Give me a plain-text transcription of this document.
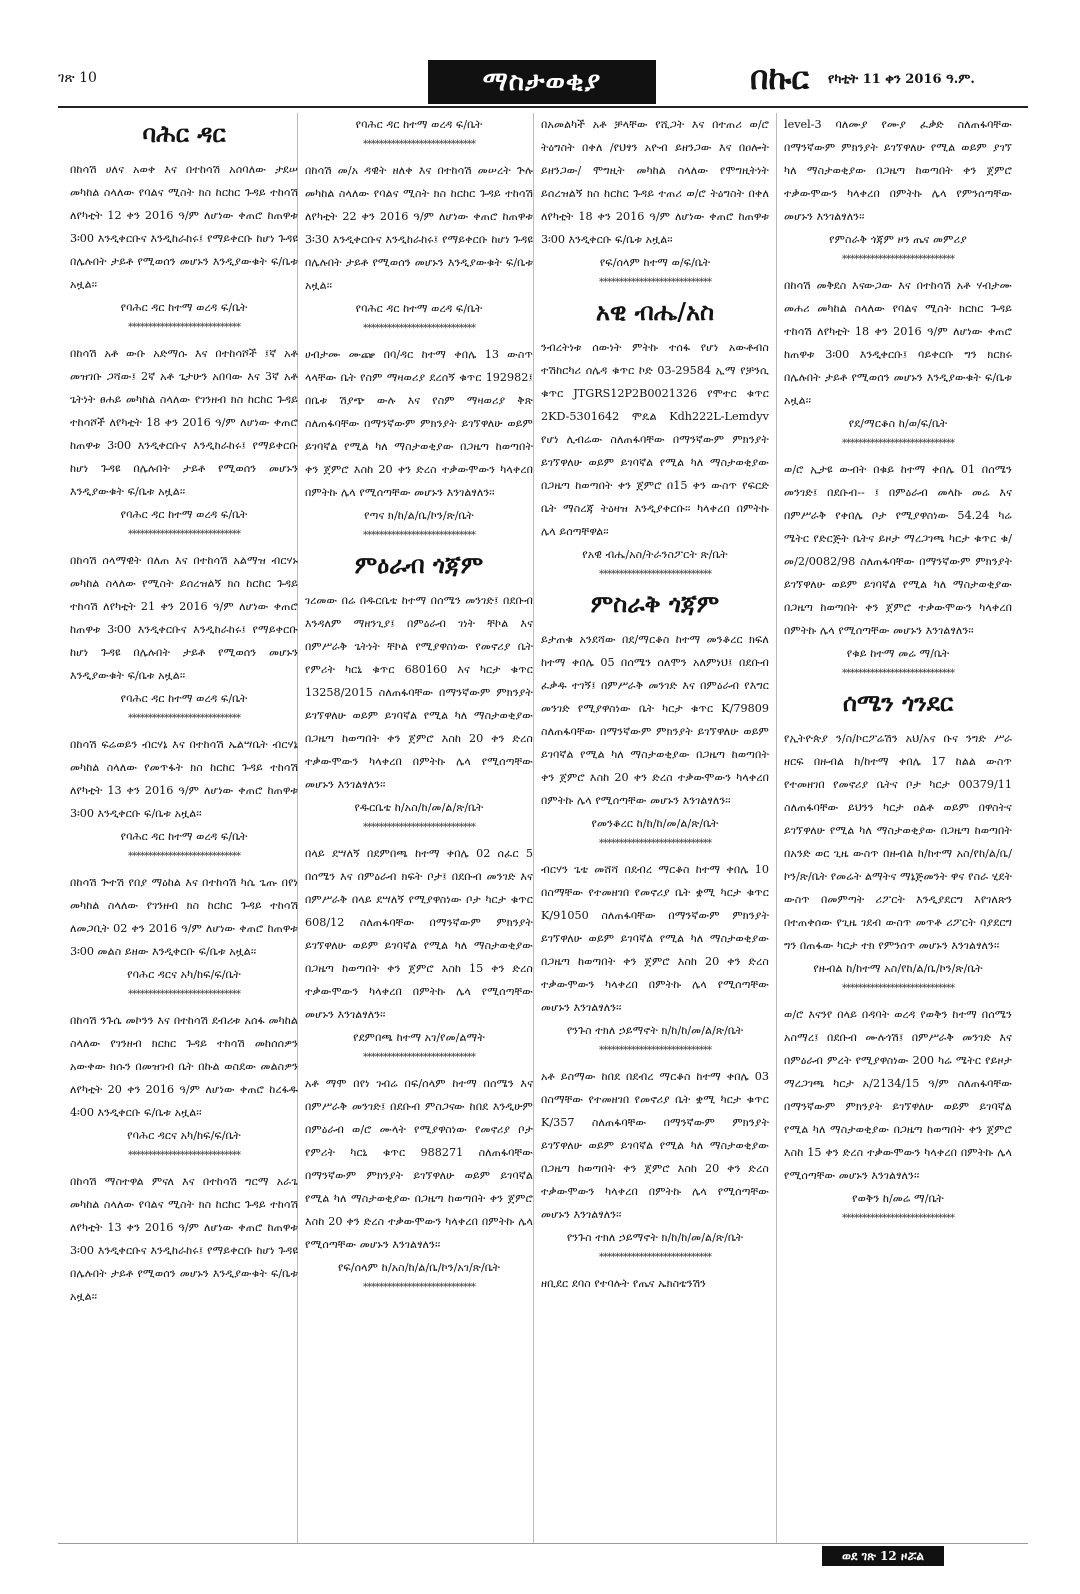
ገጽ 10	ማስታወቂያ	በኩር የካቲት 11 ቀን 2016 ዓ.ም.
ባሕር ዳር

በከሳሽ ሀለና አወቀ እና በተከሳሽ አሰባለው ታደሠ መካከል ስላለው የባልና ሚስት ክስ ከርከር ጉዳይ ተከሳሽ ለየካቲት 12 ቀን 2016 ዓ/ም ለሆነው ቀጠሮ ከጠዋቱ 3፡00 እንዲቀርቡና እንዲከራከሩ፤ የማይቀርቡ ከሆነ ጉዳዩ በሌሉበት ታይቶ የሚወሰን መሆኑን እንዲያውቁት ፍ/ቤቱ አዟል፡፡

የባሕር ዳር ከተማ ወረዳ ፍ/ቤት

****************************

በከሳሽ አቶ ውቡ አድማሱ እና በተከሳሾች ፤ኛ አቶ መዝገቡ ጋሻው፤ 2ኛ አቶ ጌታሁን አበባው እና 3ኛ አቶ ጌትነት ፀሐይ መካከል ስላለው የገንዘብ ክስ ከርከር ጉዳይ ተከሳሾች ለየካቲት 18 ቀን 2016 ዓ/ም ለሆነው ቀጠሮ ከጠዋቱ 3፡00 እንዲቀርቡና እንዲከራከሩ፤ የማይቀርቡ ከሆነ ጉዳዩ በሌሉበት ታይቶ የሚወሰን መሆኑን እንዲያውቁት ፍ/ቤቱ አዟል፡፡

የባሕር ዳር ከተማ ወረዳ ፍ/ቤት

****************************

በከሳሽ ሰላማዊት በለጠ እና በተከሳሽ አልማዝ ብርሃኑ መካከል ስላለው የሚስት ይሰረዝልኝ ክስ ከርከር ጉዳይ ተከሳሽ ለየካቲት 21 ቀን 2016 ዓ/ም ለሆነው ቀጠሮ ከጠዋቱ 3፡00 እንዲቀርቡና እንዲከራከሩ፤ የማይቀርቡ ከሆነ ጉዳዩ በሌሉበት ታይቶ የሚወሰን መሆኑን እንዲያውቁት ፍ/ቤቱ አዟል፡፡

የባሕር ዳር ከተማ ወረዳ ፍ/ቤት

****************************

በከሳሽ ፍሬወይን ብርሃኔ እና በተከሳሽ ኤልሣቤት ብርሃኔ መካከል ስላለው የመጥፋት ክስ ከርከር ጉዳይ ተከሳሽ ለየካቲት 13 ቀን 2016 ዓ/ም ለሆነው ቀጠሮ ከጠዋቱ 3፡00 እንዲቀርቡ ፍ/ቤቱ አዟል፡፡

የባሕር ዳር ከተማ ወረዳ ፍ/ቤት

****************************

በከሳሽ ጕተሽ የበያ ማዕከል እና በተከሳሽ ካሴ ጌጡ በየነ መካከል ስላለው የገንዘብ ክስ ከርከር ጉዳይ ተከሳሽ ለመጋቢት 02 ቀን 2016 ዓ/ም ለሆነው ቀጠሮ ከጠዋቱ 3፡00 መልስ ይዘው እንዲቀርቡ ፍ/ቤቱ አዟል፡፡

የባሕር ዳርና አካ/ከፍ/ፍ/ቤት

****************************

በከሳሽ ንጉሴ መኮንን እና በተከሳሽ ደብሪቱ አሰፋ መካከል ስላለው የገንዘብ ክርክር ጉዳይ ተከሳሽ መከሰሰዎን አውቀው ክሱን በመዝገብ ቤት በኩል ወስደው መልስዎን ለየካቲት 20 ቀን 2016 ዓ/ም ለሆነው ቀጠሮ ከረፋዱ 4፡00 እንዲቀርቡ ፍ/ቤቱ አዟል፡፡

የባሕር ዳርና አካ/ከፍ/ፍ/ቤት

****************************

በከሳሽ ማስተዋል ምናለ እና በተከሳሽ ግርማ አራጌ መካከል ስላለው የባልና ሚስት ክስ ከርከር ጉዳይ ተከሳሽ ለየካቲት 13 ቀን 2016 ዓ/ም ለሆነው ቀጠሮ ከጠዋቱ 3፡00 እንዲቀርቡና እንዲከራከሩ፤ የማይቀርቡ ከሆነ ጉዳዩ በሌሉበት ታይቶ የሚወሰን መሆኑን እንዲያውቁት ፍ/ቤቱ አዟል፡፡

የባሕር ዳር ከተማ ወረዳ ፍ/ቤት

****************************

በከሳሽ መ/አ ዳዊት ዘለቀ እና በተከሳሽ መሠረት ጕሉ መካከል ስላለው የባልና ሚስት ክስ ከርከር ጉዳይ ተከሳሽ ለየካቲት 22 ቀን 2016 ዓ/ም ለሆነው ቀጠሮ ከጠዋቱ 3፡30 እንዲቀርቡና እንዲከራከሩ፤ የማይቀርቡ ከሆነ ጉዳዩ በሌሉበት ታይቶ የሚወሰን መሆኑን እንዲያውቁት ፍ/ቤቱ አዟል፡፡

የባሕር ዳር ከተማ ወረዳ ፍ/ቤት

****************************

ሀብታሙ ሙጬ በባ/ዳር ከተማ ቀበሌ 13 ውስጥ ላላቸው ቤት የስም ማዛወሪያ ደረሰኝ ቁጥር 192982፤ በቤቱ ሽያጭ ውሉ እና የስም ማዛወሪያ ቅጽ ስለጠፋባቸው በማንኛውም ምክንያት ይገኘዋለሁ ወይም ይገባኛል የሚል ካለ ማስታወቂያው በጋዜጣ ከወጣበት ቀን ጀምሮ እስከ 20 ቀን ድረስ ተቃውሞውን ካላቀረበ በምትኩ ሌላ የሚሰጣቸው መሆኑን እንገልፃለን፡፡

የጣና ክ/ከ/ል/ቤ/ኮን/ጽ/ቤት

****************************

ምዕራብ ጎጃም

ገረመው በሬ በዱርቤቴ ከተማ በሰሜን መንገድ፤ በደቡብ እንዳለም ማዘንጊያ፤ በምዕራብ ገነት ቸኮል እና በምሥራቅ ጌትነት ቸኮል የሚያዋስነው የመኖሪያ ቤት የምሪት ካርኒ ቁጥር 680160 እና ካርታ ቁጥር 13258/2015 ስለጠፋባቸው በማንኛውም ምክንያት ይገኘዋለሁ ወይም ይገባኛል የሚል ካለ ማስታወቂያው በጋዜጣ ከወጣበት ቀን ጀምሮ እስከ 20 ቀን ድረስ ተቃውሞውን ካላቀረበ በምትኩ ሌላ የሚሰጣቸው መሆኑን እንገልፃለን፡፡

የዱርቤቴ ከ/አስ/ከ/መ/ል/ጽ/ቤት

****************************

በላይ ደሣለኝ በደምበጫ ከተማ ቀበሌ 02 ሰፈር 5 በሰሜን እና በምዕራብ ክፍት ቦታ፤ በደቡብ መንገድ እና በምሥራቅ በላይ ደሣለኝ የሚያዋስነው ቦታ ካርታ ቁጥር 608/12 ስለጠፋባቸው በማንኛውም ምክንያት ይገኘዋለሁ ወይም ይገባኛል የሚል ካለ ማስታወቂያው በጋዜጣ ከወጣበት ቀን ጀምሮ እስከ 15 ቀን ድረስ ተቃውሞውን ካላቀረበ በምትኩ ሌላ የሚሰጣቸው መሆኑን እንገልፃለን፡፡

የደምበጫ ከተማ አገ/የመ/ልማት

****************************

አቶ ማሞ በየነ ገብሬ በፍ/ሰላም ከተማ በሰሜን እና በምሥራቅ መንገድ፤ በደቡብ ምስጋናው ከበደ እንዲሁም በምዕራብ ወ/ሮ ሙላት የሚያዋስነው የመኖሪያ ቦታ የምሪት ካርኒ ቁጥር 988271 ስለጠፋባቸው በማንኛውም ምክንያት ይገኘዋለሁ ወይም ይገባኛል የሚል ካለ ማስታወቂያው በጋዜጣ ከወጣበት ቀን ጀምሮ እስከ 20 ቀን ድረስ ተቃውሞውን ካላቀረበ በምትኩ ሌላ የሚሰጣቸው መሆኑን እንገልፃለን፡፡

የፍ/ሰላም ከ/አስ/ከ/ል/ቤ/ኮን/አገ/ጽ/ቤት

****************************

በአመልካች አቶ ቻላቸው የሺጋት እና በተጠሪ ወ/ሮ ትዕግስት በቀለ /የህፃን አዮብ ይዘንጋው እና በዐሎት ይዘንጋው/ ሞግዚት መካከል ስላለው የሞግዚትነት ይሰረዝልኝ ክስ ከርከር ጉዳይ ተጠሪ ወ/ሮ ትዕግስት በቀለ ለየካቲት 18 ቀን 2016 ዓ/ም ለሆነው ቀጠሮ ከጠዋቱ 3፡00 እንዲቀርቡ ፍ/ቤቱ አዟል፡፡

የፍ/ሰላም ከተማ ወ/ፍ/ቤት

****************************

አዊ ብሔ/አስ

ንብረትነቱ ሰውነት ምትኩ ተሰፋ የሆነ አውቶብስ ተሽከርካሪ ሰሌዳ ቁጥር ኮድ 03-29584 ኢማ የቻንሲ ቁጥር JTGRS12P2B0021326 የሞተር ቁጥር 2KD-5301642 ሞዴል Kdh222L-Lemdyv የሆነ ሊብሬው ስለጠፋባቸው በማንኛውም ምክንያት ይገኘዋለሁ ወይም ይገባኛል የሚል ካለ ማስታወቂያው በጋዜጣ ከወጣበት ቀን ጀምሮ በ15 ቀን ውስጥ የፍርድ ቤት ማስረጃ ትዕዛዝ እንዲያቀርቡ፡፡ ካላቀረበ በምትኩ ሌላ ይሰጣቸዋል፡፡

የአዊ ብሔ/አስ/ትራንስፖርት ጽ/ቤት

****************************

ምስራቅ ጎጃም

ይታጠቁ አንደሻው በደ/ማርቆስ ከተማ መንቆረር ክፍለ ከተማ ቀበሌ 05 በሰሜን ሰለሞን አለምነህ፤ በደቡብ ፈቃዱ ተገኝ፤ በምሥራቅ መንገድ እና በምዕራብ የእግር መንገድ የሚያዋስነው ቤት ካርታ ቁጥር K/79809 ስለጠፋባቸው በማንኛውም ምክንያት ይገኘዋለሁ ወይም ይገባኛል የሚል ካለ ማስታወቂያው በጋዜጣ ከወጣበት ቀን ጀምሮ እስከ 20 ቀን ድረስ ተቃውሞውን ካላቀረበ በምትኩ ሌላ የሚሰጣቸው መሆኑን እንገልፃለን፡፡

የመንቆረር ከ/ከ/ከ/መ/ል/ጽ/ቤት

****************************

ብርሃን ጌቴ መሸሻ በደብረ ማርቆስ ከተማ ቀበሌ 10 በስማቸው የተመዘገበ የመኖሪያ ቤት ቋሚ ካርታ ቁጥር K/91050 ስለጠፋባቸው በማንኛውም ምክንያት ይገኘዋለሁ ወይም ይገባኛል የሚል ካለ ማስታወቂያው በጋዜጣ ከወጣበት ቀን ጀምሮ እስከ 20 ቀን ድረስ ተቃውሞውን ካላቀረበ በምትኩ ሌላ የሚሰጣቸው መሆኑን እንገልፃለን፡፡

የንጉስ ተክለ ኃይማኖት ክ/ከ/ከ/መ/ል/ጽ/ቤት

****************************

አቶ ይስማው ከበደ በደብረ ማርቆስ ከተማ ቀበሌ 03 በስማቸው የተመዘገበ የመኖሪያ ቤት ቋሚ ካርታ ቁጥር K/357 ስለጠፋባቸው በማንኛውም ምክንያት ይገኘዋለሁ ወይም ይገባኛል የሚል ካለ ማስታወቂያው በጋዜጣ ከወጣበት ቀን ጀምሮ እስከ 20 ቀን ድረስ ተቃውሞውን ካላቀረበ በምትኩ ሌላ የሚሰጣቸው መሆኑን እንገልፃለን፡፡

የንጉስ ተክለ ኃይማኖት ክ/ከ/ከ/መ/ል/ጽ/ቤት

****************************

ዘቢደር ደባስ የተባሉት የጤና ኤክስቴንሽን

level-3 ባለሙያ የሙያ ፈቃድ ስለጠፋባቸው በማንኛውም ምክንያት ይገኘዋለሁ የሚል ወይም ያገኘ ካለ ማስታወቂያው በጋዜጣ ከወጣበት ቀን ጀምሮ ተቃውሞውን ካላቀረበ በምትኩ ሌላ የምንሰጣቸው መሆኑን እንገልፃለን፡፡

የምስራቅ ጎጃም ዞን ጤና መምሪያ

****************************

በከሳሽ መቅደስ እናውጋው እና በተከሳሽ አቶ ሃብታሙ መሐሪ መካከል ስላለው የባልና ሚስት ክርክር ጉዳይ ተከሳሽ ለየካቲት 18 ቀን 2016 ዓ/ም ለሆነው ቀጠሮ ከጠዋቱ 3፡00 እንዲቀርቡ፤ ባይቀርቡ ግን ክርክሩ በሌሉበት ታይቶ የሚወሰን መሆኑን እንዲያውቁት ፍ/ቤቱ አዟል፡፡

የደ/ማርቆስ ከ/ወ/ፍ/ቤት

****************************

ወ/ሮ ኢታዩ ውብት በቁይ ከተማ ቀበሌ 01 በሰሜን መንገድ፤ በደቡብ-- ፤ በምዕራብ መላኩ መሬ እና በምሥራቅ የቀበሌ ቦታ የሚያዋስነው 54.24 ካሬ ሜትር የድርጅት ቤትና ይዞታ ማረጋገጫ ካርታ ቁጥር ቁ/መ/2/0082/98 ስለጠፋባቸው በማንኛውም ምክንያት ይገኘዋለሁ ወይም ይገባኛል የሚል ካለ ማስታወቂያው በጋዜጣ ከወጣበት ቀን ጀምሮ ተቃውሞውን ካላቀረበ በምትኩ ሌላ የሚሰጣቸው መሆኑን እንገልፃለን፡፡

የቁይ ከተማ መሬ ማ/ቤት

****************************

ሰሜን ጎንደር

የኢትዮጵያ ን/ስ/ኮርፖሬሽን አህ/አና ቡና ንግድ ሥራ ዘርፍ በዙብል ከ/ከተማ ቀበሌ 17 ከልል ውስጥ የተመዘገበ የመኖሪያ ቤትና ቦታ ካርታ 00379/11 ስለጠፋባቸው ይህንን ካርታ ዐልቶ ወይም በዋስትና ይገኘዋለሁ የሚል ካለ ማስታወቂያው በጋዜጣ ከወጣበት በአንድ ወር ጊዜ ውስጥ በዙብል ከ/ከተማ አስ/የከ/ል/ቤ/ኮን/ጽ/ቤት የመሬት ልማትና ማኔጅመንት ዋና የስራ ሂደት ውስጥ በመምጣት ሪፖርት እንዲያደርግ እየገለጽን በተጠቀሰው የጊዜ ገደብ ውስጥ መጥቶ ሪፖርት ባያደርግ ግን በጠፋው ካርታ ተክ የምንሰጥ መሆኑን እንገልፃለን፡፡

የዙብል ከ/ከተማ አስ/የከ/ል/ቤ/ኮን/ጽ/ቤት

****************************

ወ/ሮ እናንየ በላይ በዳባት ወረዳ የወቅን ከተማ በሰሜን አስማረ፤ በደቡብ ሙሉጎሽ፤ በምሥራቅ መንገድ እና በምዕራብ ምረት የሚያዋስነው 200 ካሬ ሜትር የይዞታ ማረጋገጫ ካርታ አ/2134/15 ዓ/ም ስለጠፋባቸው በማንኛውም ምክንያት ይገኘዋለሁ ወይም ይገባኛል የሚል ካለ ማስታወቂያው በጋዜጣ ከወጣበት ቀን ጀምሮ እስከ 15 ቀን ድረስ ተቃውሞውን ካላቀረበ በምትኩ ሌላ የሚሰጣቸው መሆኑን እንገልፃለን፡፡

የወቅን ከ/መሬ ማ/ቤት

****************************

ወደ ገጽ 12 ዞሯል
